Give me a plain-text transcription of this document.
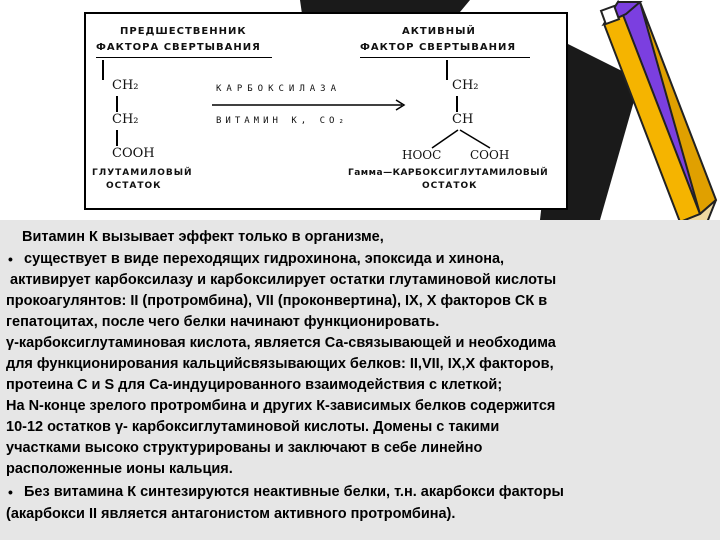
ПРЕДШЕСТВЕННИК
ФАКТОРА СВЕРТЫВАНИЯ
АКТИВНЫЙ
ФАКТОР СВЕРТЫВАНИЯ
CH₂
CH₂
COOH
ГЛУТАМИЛОВЫЙ
ОСТАТОК
КАРБОКСИЛАЗА
ВИТАМИН K, CO₂
CH₂
CH
HOOC COOH
Гамма—КАРБОКСИГЛУТАМИЛОВЫЙ
ОСТАТОК
Витамин К вызывает эффект только в организме,
• существует в виде переходящих гидрохинона, эпоксида и хинона,
активирует карбоксилазу и карбоксилирует остатки глутаминовой кислоты
прокоагулянтов: II (протромбина), VII (проконвертина), IX, X факторов СК в
гепатоцитах, после чего белки начинают функционировать.
γ-карбоксиглутаминовая кислота, является Са-связывающей и необходима
для функционирования кальцийсвязывающих белков: II,VII, IX,X факторов,
протеина С и S для Са-индуцированного взаимодействия с клеткой;
На N-конце зрелого протромбина и других К-зависимых белков содержится
10-12 остатков γ- карбоксиглутаминовой кислоты. Домены с такими
участками высоко структурированы и заключают в себе линейно
расположенные ионы кальция.
• Без витамина К синтезируются неактивные белки, т.н. акарбокси факторы
(акарбокси II является антагонистом активного протромбина).
